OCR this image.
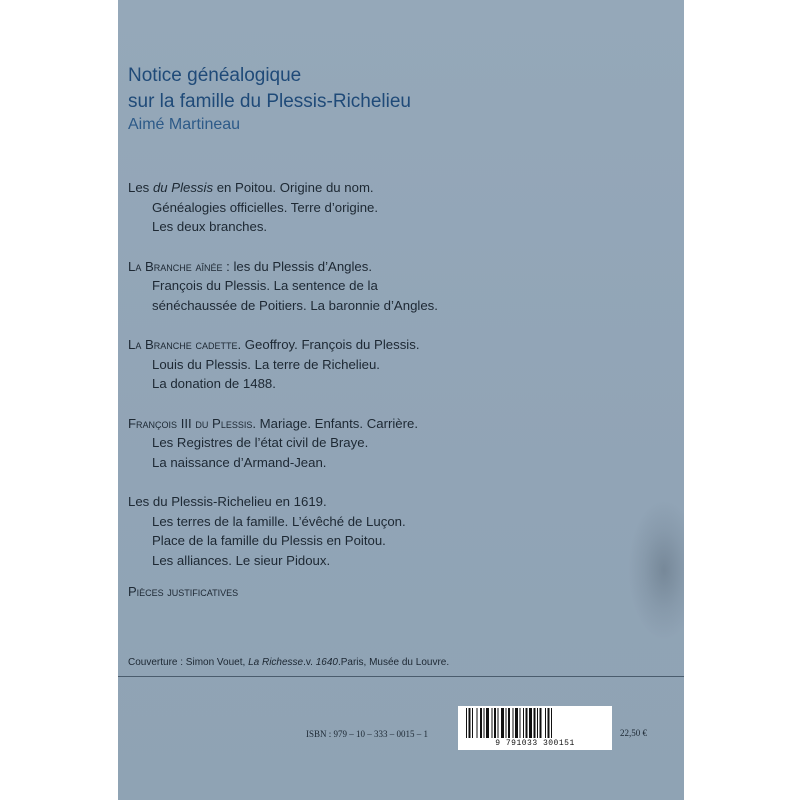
Notice généalogique
sur la famille du Plessis-Richelieu
Aimé Martineau
Les du Plessis en Poitou. Origine du nom.
Généalogies officielles. Terre d’origine.
Les deux branches.
La Branche aînée : les du Plessis d’Angles.
François du Plessis. La sentence de la
sénéchaussée de Poitiers. La baronnie d’Angles.
La Branche cadette. Geoffroy. François du Plessis.
Louis du Plessis. La terre de Richelieu.
La donation de 1488.
François III du Plessis. Mariage. Enfants. Carrière.
Les Registres de l’état civil de Braye.
La naissance d’Armand-Jean.
Les du Plessis-Richelieu en 1619.
Les terres de la famille. L’évêché de Luçon.
Place de la famille du Plessis en Poitou.
Les alliances. Le sieur Pidoux.
Pièces justificatives
Couverture : Simon Vouet, La Richesse.v. 1640.Paris, Musée du Louvre.
ISBN : 979 – 10 – 333 – 0015 – 1
9 791033 300151
22,50 €
